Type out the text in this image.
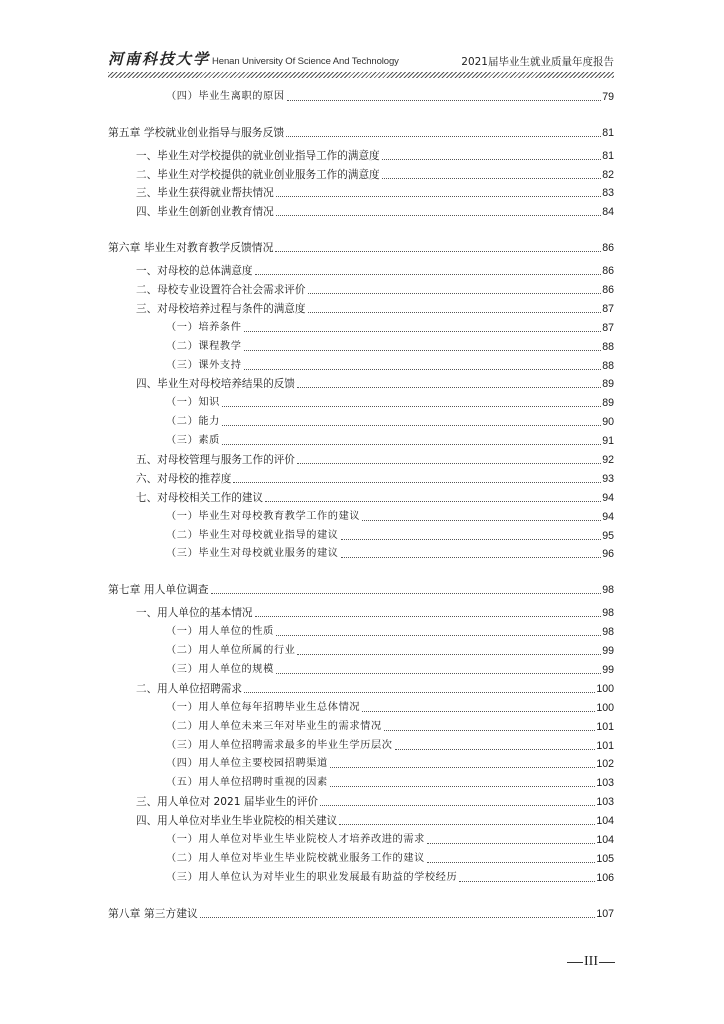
河南科技大学 Henan University Of Science And Technology	2021届毕业生就业质量年度报告
（四）毕业生离职的原因	79
第五章 学校就业创业指导与服务反馈	81
一、毕业生对学校提供的就业创业指导工作的满意度	81
二、毕业生对学校提供的就业创业服务工作的满意度	82
三、毕业生获得就业帮扶情况	83
四、毕业生创新创业教育情况	84
第六章 毕业生对教育教学反馈情况	86
一、对母校的总体满意度	86
二、母校专业设置符合社会需求评价	86
三、对母校培养过程与条件的满意度	87
（一）培养条件	87
（二）课程教学	88
（三）课外支持	88
四、毕业生对母校培养结果的反馈	89
（一）知识	89
（二）能力	90
（三）素质	91
五、对母校管理与服务工作的评价	92
六、对母校的推荐度	93
七、对母校相关工作的建议	94
（一）毕业生对母校教育教学工作的建议	94
（二）毕业生对母校就业指导的建议	95
（三）毕业生对母校就业服务的建议	96
第七章 用人单位调查	98
一、用人单位的基本情况	98
（一）用人单位的性质	98
（二）用人单位所属的行业	99
（三）用人单位的规模	99
二、用人单位招聘需求	100
（一）用人单位每年招聘毕业生总体情况	100
（二）用人单位未来三年对毕业生的需求情况	101
（三）用人单位招聘需求最多的毕业生学历层次	101
（四）用人单位主要校园招聘渠道	102
（五）用人单位招聘时重视的因素	103
三、用人单位对 2021 届毕业生的评价	103
四、用人单位对毕业生毕业院校的相关建议	104
（一）用人单位对毕业生毕业院校人才培养改进的需求	104
（二）用人单位对毕业生毕业院校就业服务工作的建议	105
（三）用人单位认为对毕业生的职业发展最有助益的学校经历	106
第八章 第三方建议	107
III
